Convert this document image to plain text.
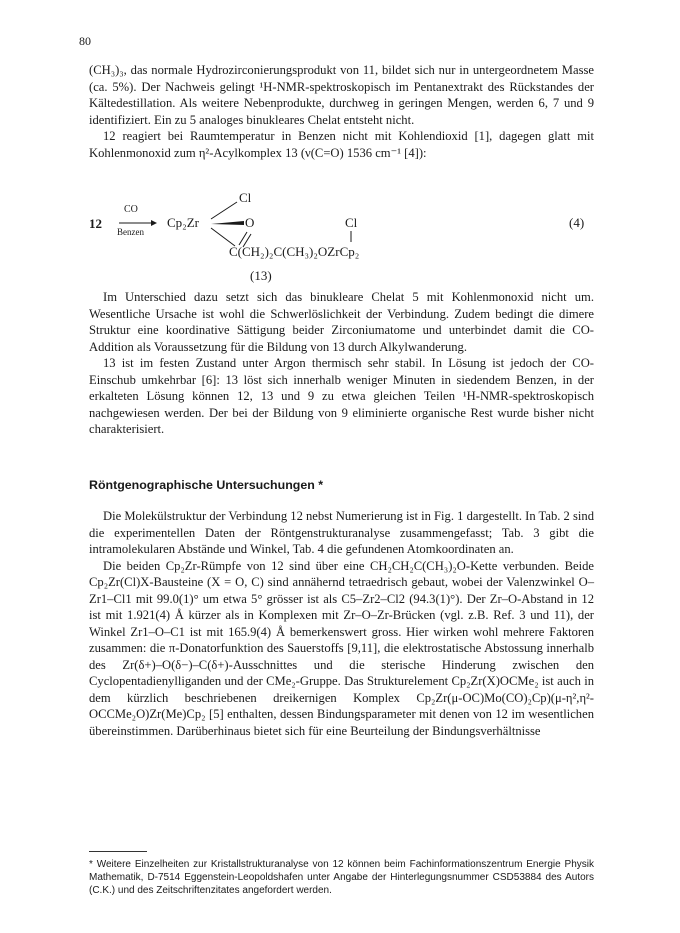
80

(CH₃)₃, das normale Hydrozirconierungsprodukt von 11, bildet sich nur in untergeordnetem Masse (ca. 5%). Der Nachweis gelingt ¹H-NMR-spektroskopisch im Pentanextrakt des Rückstandes der Kältedestillation. Als weitere Nebenprodukte, durchweg in geringen Mengen, werden 6, 7 und 9 identifiziert. Ein zu 5 analoges binukleares Chelat entsteht nicht.

12 reagiert bei Raumtemperatur in Benzen nicht mit Kohlendioxid [1], dagegen glatt mit Kohlenmonoxid zum η²-Acylkomplex 13 (ν(C=O) 1536 cm⁻¹ [4]):

12
CO
Benzen
Cp₂Zr
Cl
O	Cl
C(CH₂)₂C(CH₃)₂OZrCp₂
(4)
(13)

Im Unterschied dazu setzt sich das binukleare Chelat 5 mit Kohlenmonoxid nicht um. Wesentliche Ursache ist wohl die Schwerlöslichkeit der Verbindung. Zudem bedingt die dimere Struktur eine koordinative Sättigung beider Zirconiumatome und unterbindet damit die CO-Addition als Voraussetzung für die Bildung von 13 durch Alkylwanderung.

13 ist im festen Zustand unter Argon thermisch sehr stabil. In Lösung ist jedoch der CO-Einschub umkehrbar [6]: 13 löst sich innerhalb weniger Minuten in siedendem Benzen, in der erkalteten Lösung können 12, 13 und 9 zu etwa gleichen Teilen ¹H-NMR-spektroskopisch nachgewiesen werden. Der bei der Bildung von 9 eliminierte organische Rest wurde bisher nicht charakterisiert.

Röntgenographische Untersuchungen *

Die Molekülstruktur der Verbindung 12 nebst Numerierung ist in Fig. 1 dargestellt. In Tab. 2 sind die experimentellen Daten der Röntgenstrukturanalyse zusammengefasst; Tab. 3 gibt die intramolekularen Abstände und Winkel, Tab. 4 die gefundenen Atomkoordinaten an.

Die beiden Cp₂Zr-Rümpfe von 12 sind über eine CH₂CH₂C(CH₃)₂O-Kette verbunden. Beide Cp₂Zr(Cl)X-Bausteine (X = O, C) sind annähernd tetraedrisch gebaut, wobei der Valenzwinkel O–Zr1–Cl1 mit 99.0(1)° um etwa 5° grösser ist als C5–Zr2–Cl2 (94.3(1)°). Der Zr–O-Abstand in 12 ist mit 1.921(4) Å kürzer als in Komplexen mit Zr–O–Zr-Brücken (vgl. z.B. Ref. 3 und 11), der Winkel Zr1–O–C1 ist mit 165.9(4) Å bemerkenswert gross. Hier wirken wohl mehrere Faktoren zusammen: die π-Donatorfunktion des Sauerstoffs [9,11], die elektrostatische Abstossung innerhalb des Zr(δ+)–O(δ−)–C(δ+)-Ausschnittes und die sterische Hinderung zwischen den Cyclopentadienylliganden und der CMe₂-Gruppe. Das Strukturelement Cp₂Zr(X)OCMe₂ ist auch in dem kürzlich beschriebenen dreikernigen Komplex Cp₂Zr(μ-OC)Mo(CO)₂Cp)(μ-η²,η²-OCCMe₂O)Zr(Me)Cp₂ [5] enthalten, dessen Bindungsparameter mit denen von 12 im wesentlichen übereinstimmen. Darüberhinaus bietet sich für eine Beurteilung der Bindungsverhältnisse

* Weitere Einzelheiten zur Kristallstrukturanalyse von 12 können beim Fachinformationszentrum Energie Physik Mathematik, D-7514 Eggenstein-Leopoldshafen unter Angabe der Hinterlegungsnummer CSD53884 des Autors (C.K.) und des Zeitschriftenzitates angefordert werden.
